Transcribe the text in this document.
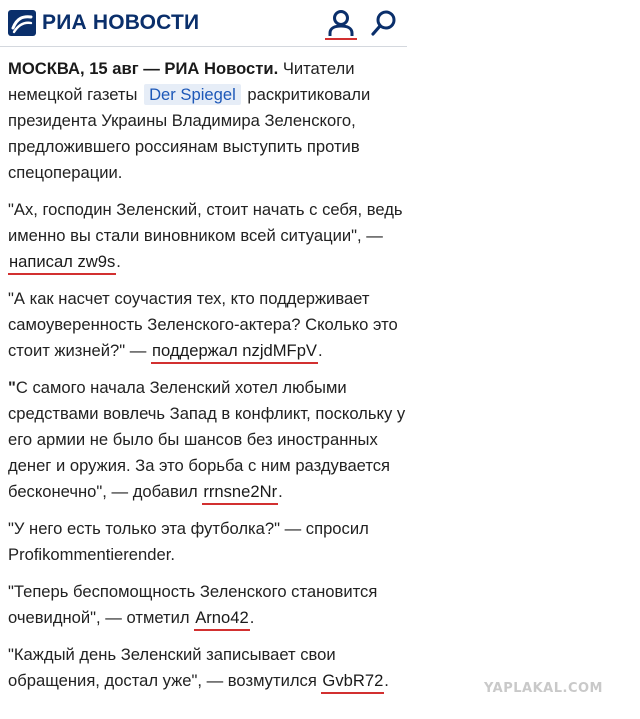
РИА НОВОСТИ

МОСКВА, 15 авг — РИА Новости. Читатели немецкой газеты Der Spiegel раскритиковали президента Украины Владимира Зеленского, предложившего россиянам выступить против спецоперации.

"Ах, господин Зеленский, стоит начать с себя, ведь именно вы стали виновником всей ситуации", — написал zw9s.

"А как насчет соучастия тех, кто поддерживает самоуверенность Зеленского-актера? Сколько это стоит жизней?" — поддержал nzjdMFpV.

"С самого начала Зеленский хотел любыми средствами вовлечь Запад в конфликт, поскольку у его армии не было бы шансов без иностранных денег и оружия. За это борьба с ним раздувается бесконечно", — добавил rrnsne2Nr.

"У него есть только эта футболка?" — спросил Profikommentierender.

"Теперь беспомощность Зеленского становится очевидной", — отметил Arno42.

"Каждый день Зеленский записывает свои обращения, достал уже", — возмутился GvbR72.	YAPLAKAL.COM
